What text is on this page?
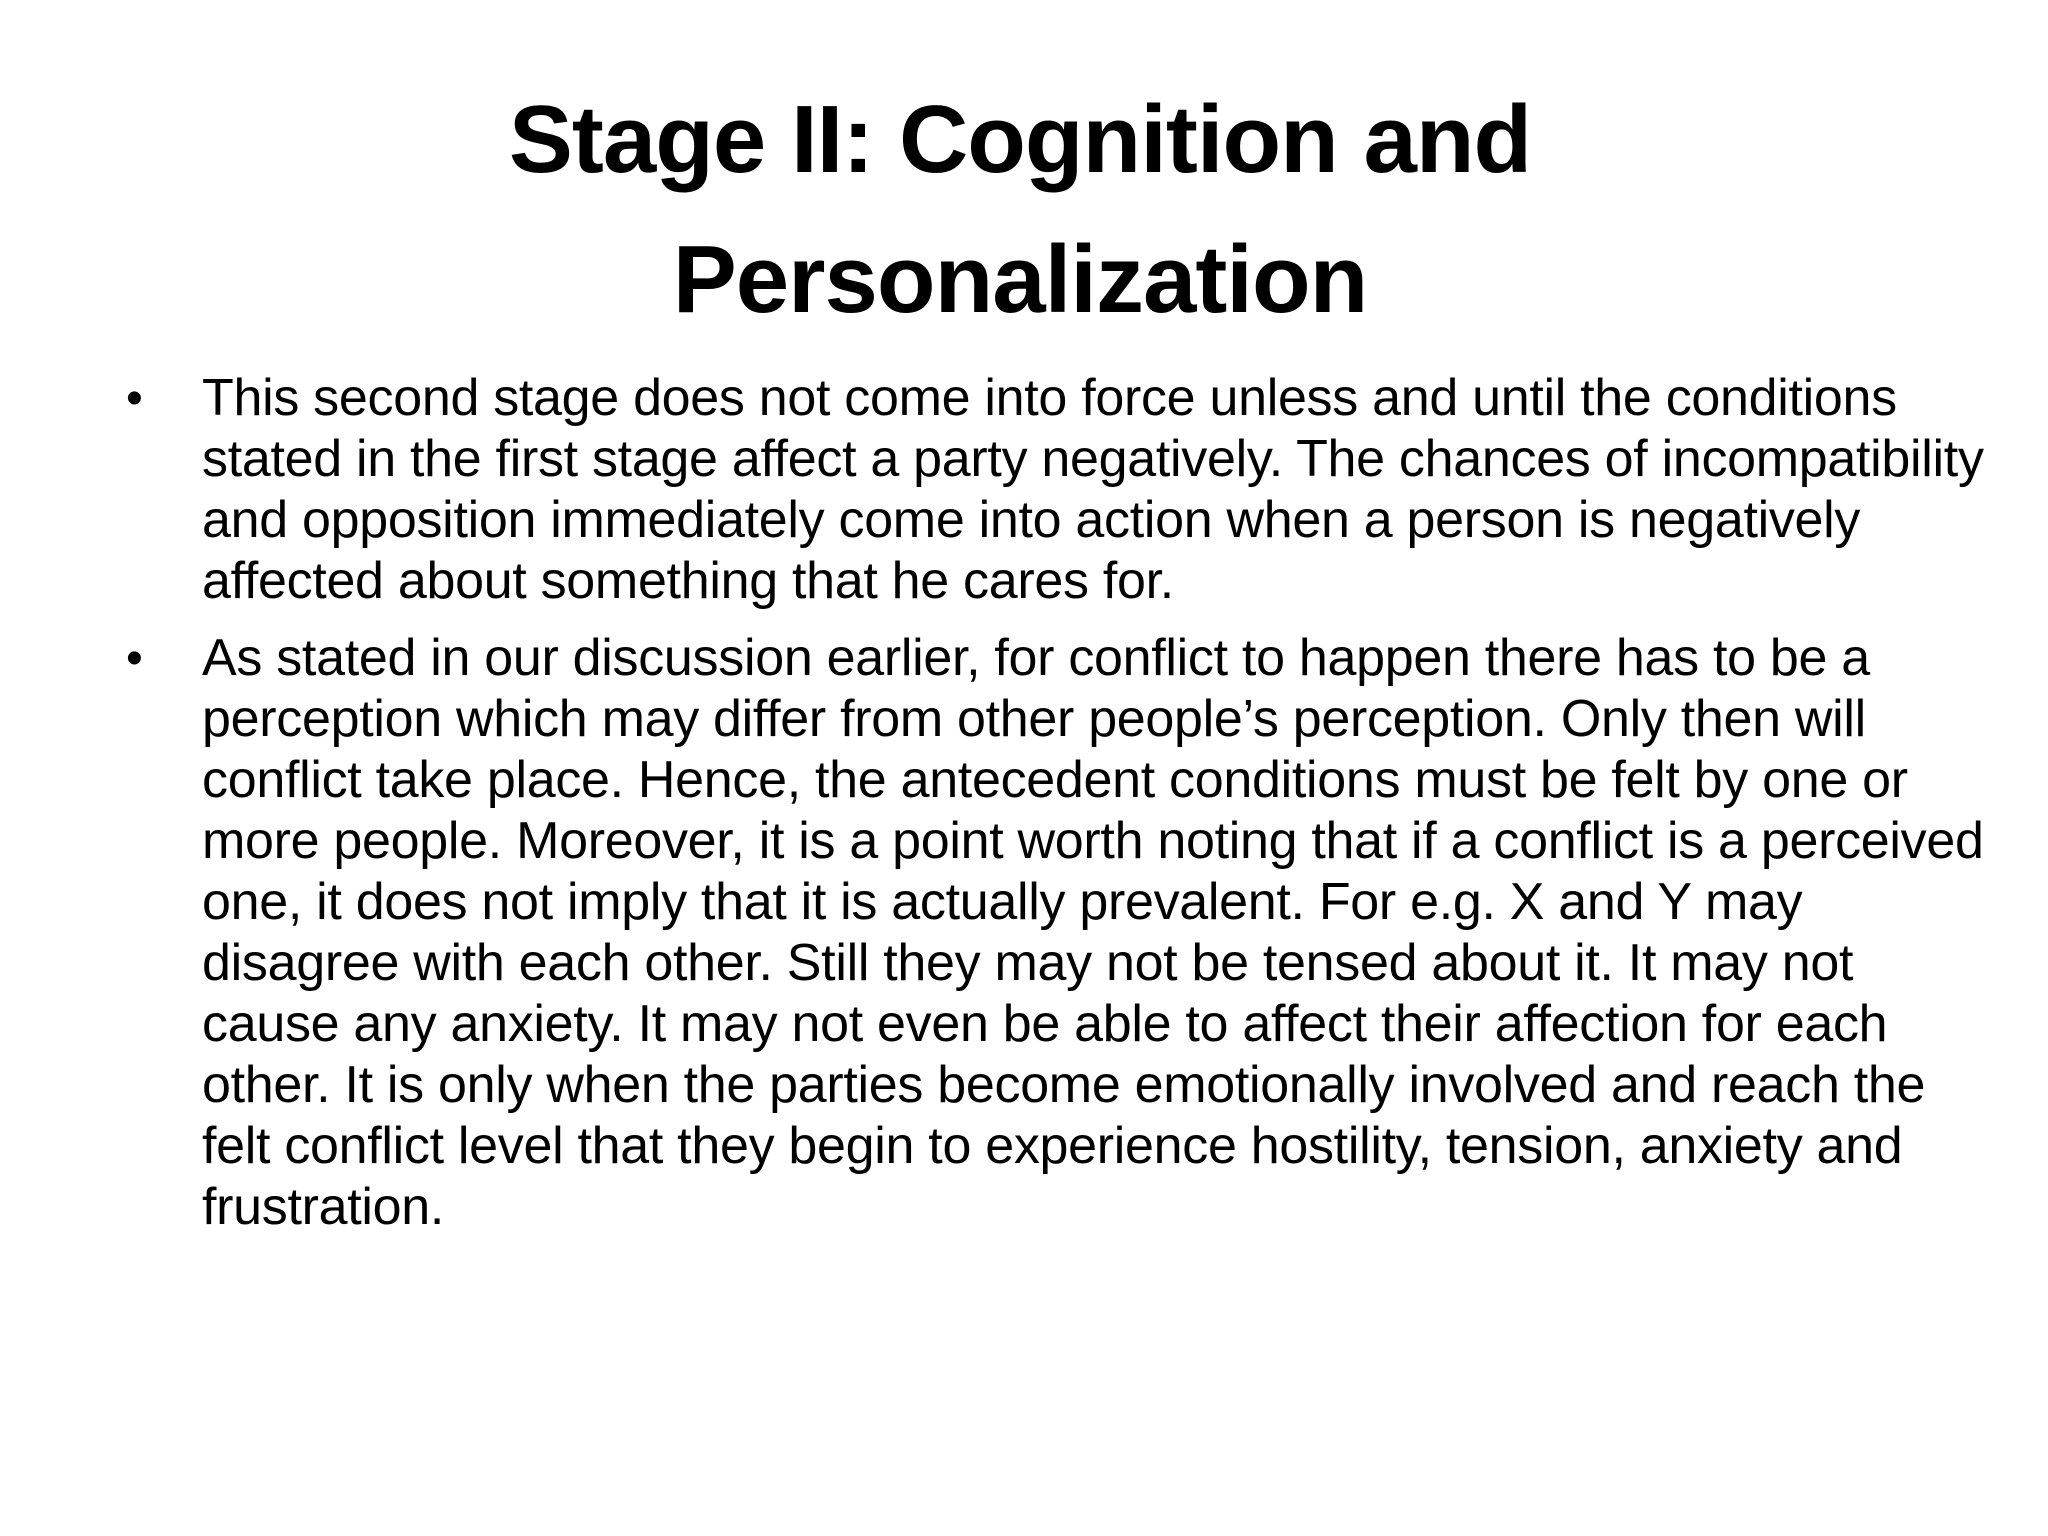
Stage II: Cognition and
Personalization
• This second stage does not come into force unless and until the conditions stated in the first stage affect a party negatively. The chances of incompatibility and opposition immediately come into action when a person is negatively affected about something that he cares for.
• As stated in our discussion earlier, for conflict to happen there has to be a perception which may differ from other people’s perception. Only then will conflict take place. Hence, the antecedent conditions must be felt by one or more people. Moreover, it is a point worth noting that if a conflict is a perceived one, it does not imply that it is actually prevalent. For e.g. X and Y may disagree with each other. Still they may not be tensed about it. It may not cause any anxiety. It may not even be able to affect their affection for each other. It is only when the parties become emotionally involved and reach the felt conflict level that they begin to experience hostility, tension, anxiety and frustration.
